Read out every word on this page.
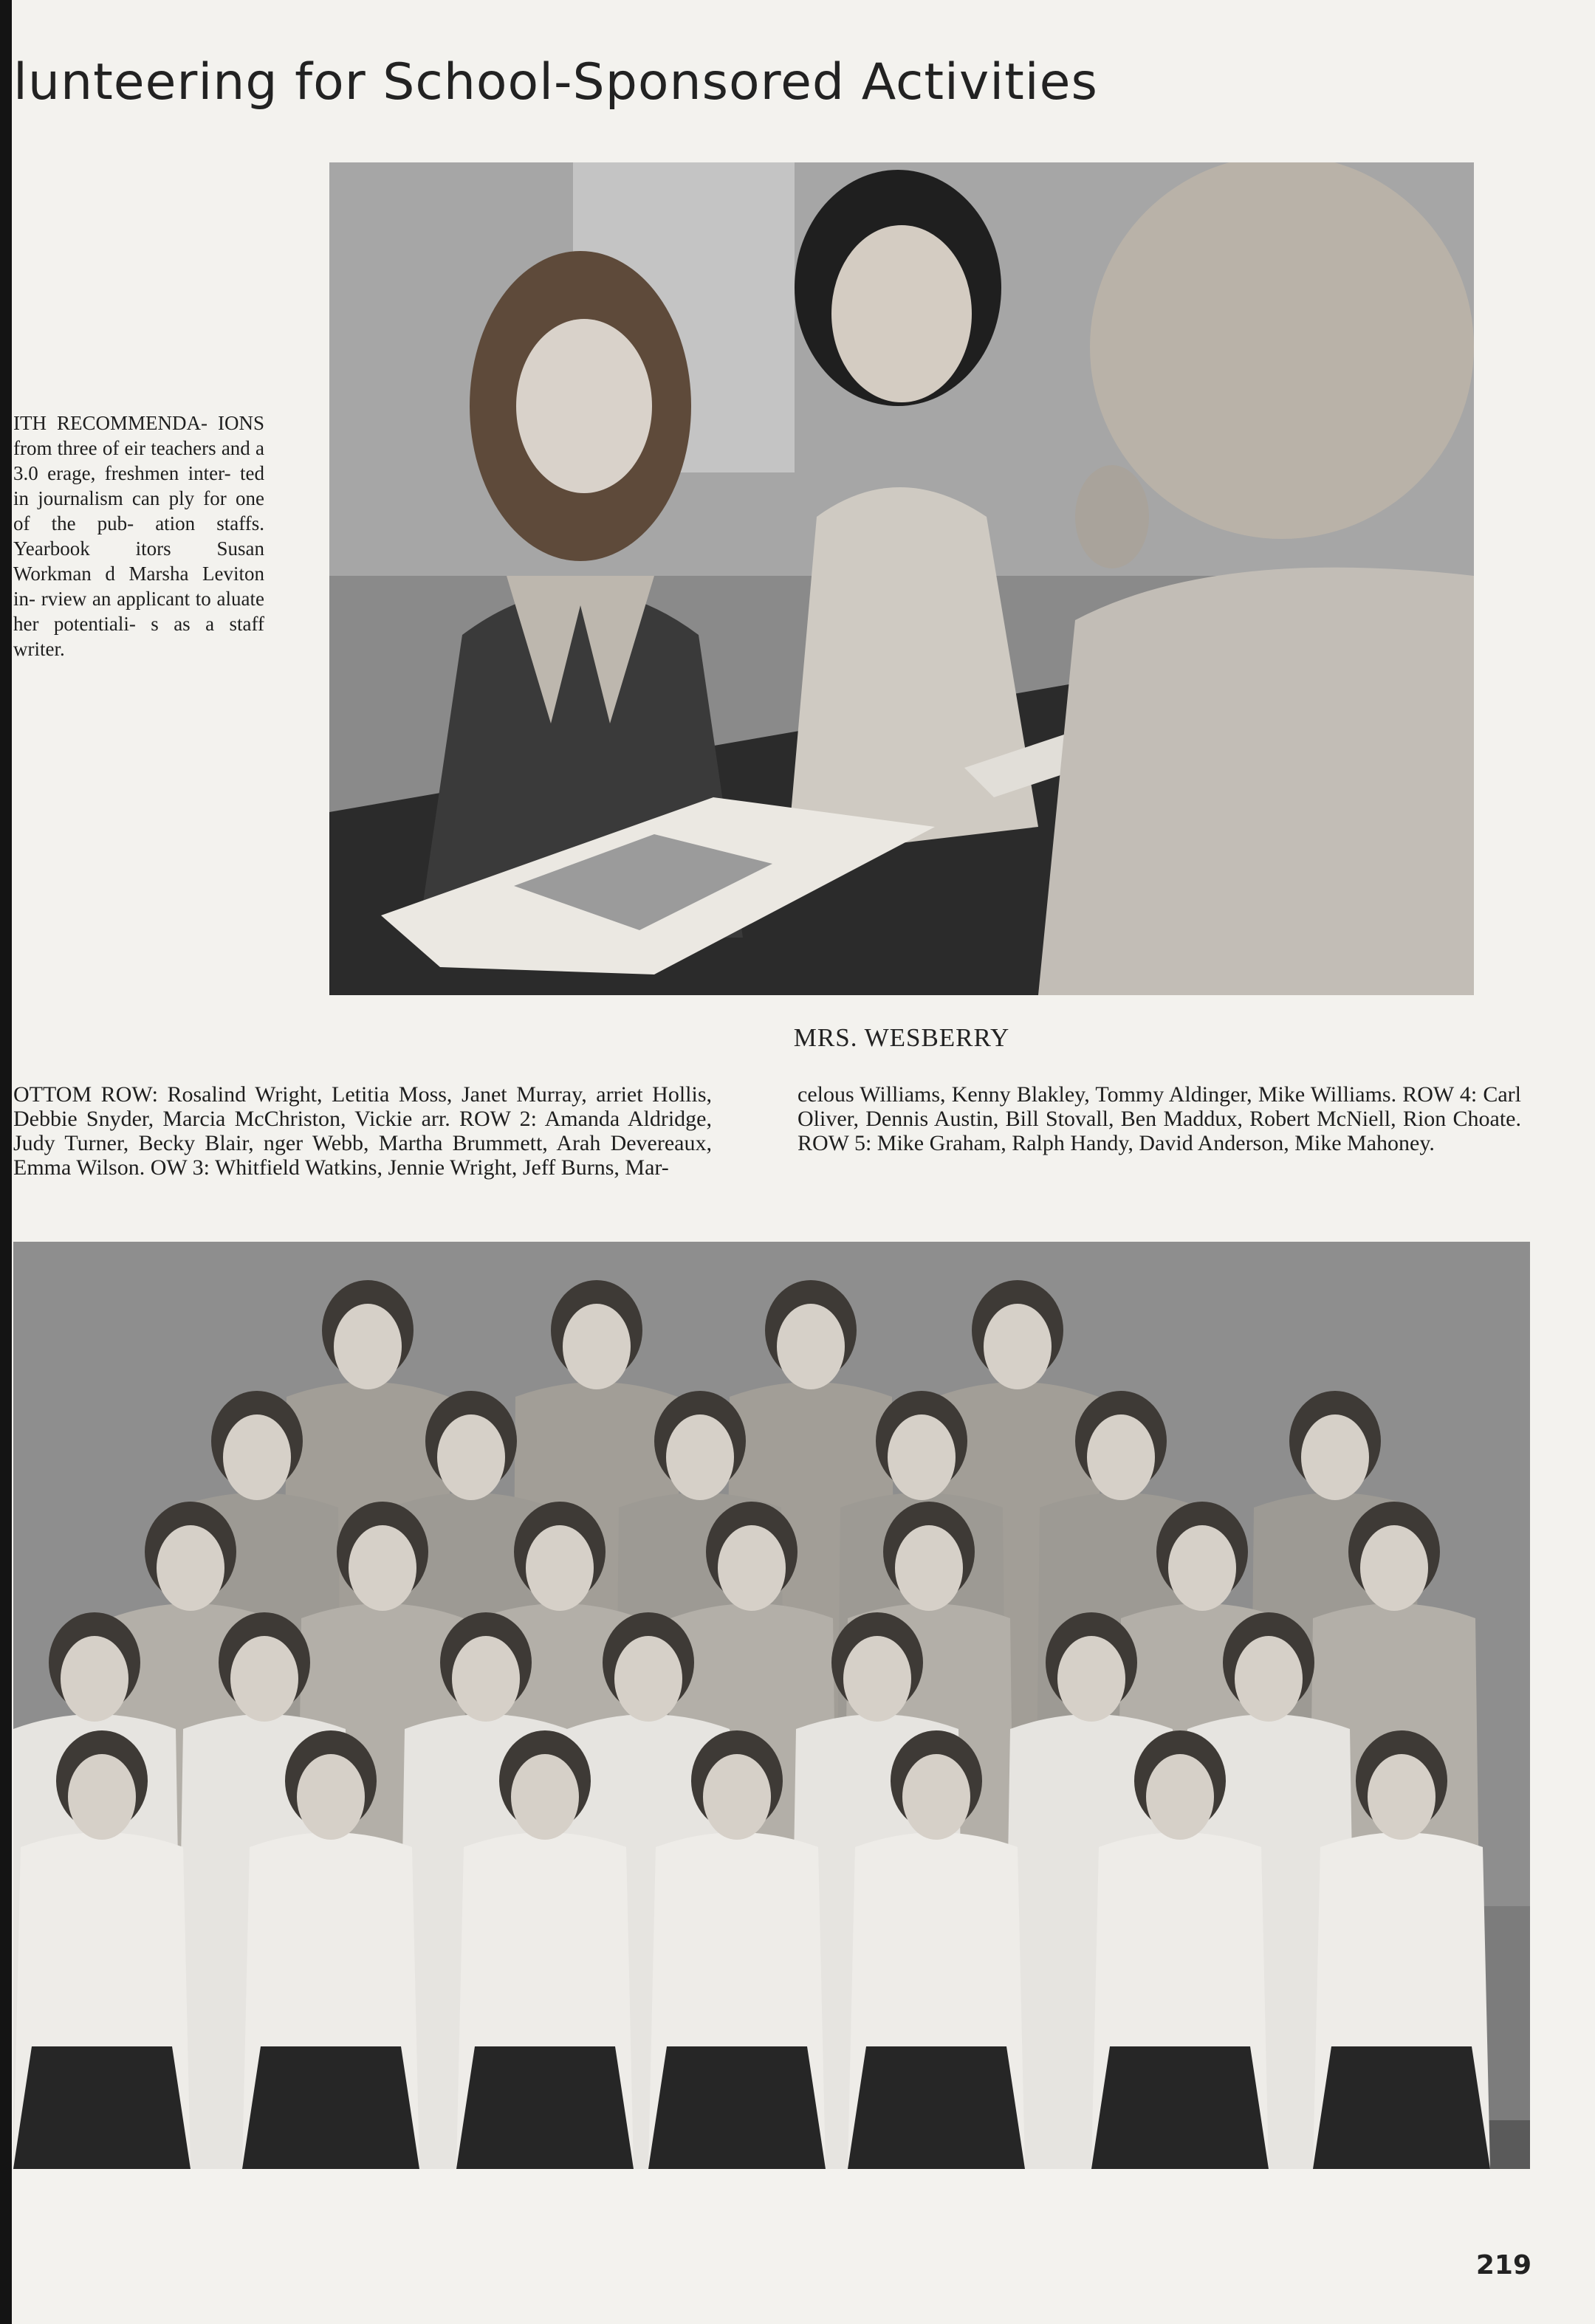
lunteering for School-Sponsored Activities

ITH RECOMMENDA- IONS from three of eir teachers and a 3.0 erage, freshmen inter- ted in journalism can ply for one of the pub- ation staffs. Yearbook itors Susan Workman d Marsha Leviton in- rview an applicant to aluate her potentiali- s as a staff writer.

MRS. WESBERRY

OTTOM ROW: Rosalind Wright, Letitia Moss, Janet Murray, arriet Hollis, Debbie Snyder, Marcia McChriston, Vickie arr. ROW 2: Amanda Aldridge, Judy Turner, Becky Blair, nger Webb, Martha Brummett, Arah Devereaux, Emma Wilson. OW 3: Whitfield Watkins, Jennie Wright, Jeff Burns, Mar-

celous Williams, Kenny Blakley, Tommy Aldinger, Mike Williams. ROW 4: Carl Oliver, Dennis Austin, Bill Stovall, Ben Maddux, Robert McNiell, Rion Choate. ROW 5: Mike Graham, Ralph Handy, David Anderson, Mike Mahoney.

219
